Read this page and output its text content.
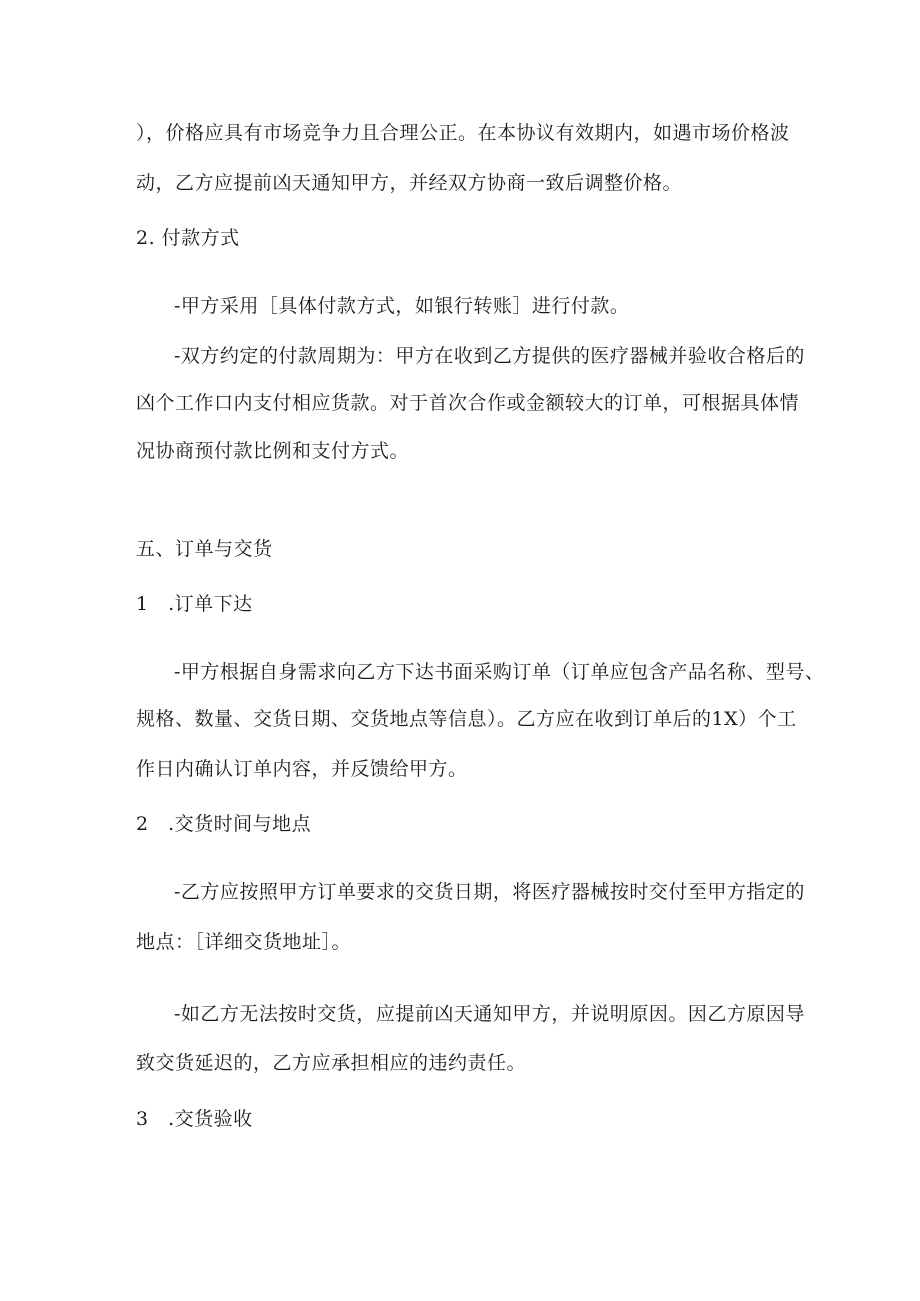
），价格应具有市场竞争力且合理公正。在本协议有效期内，如遇市场价格波
动，乙方应提前凶天通知甲方，并经双方协商一致后调整价格。
2. 付款方式
-甲方采用［具体付款方式，如银行转账］进行付款。
-双方约定的付款周期为：甲方在收到乙方提供的医疗器械并验收合格后的
凶个工作口内支付相应货款。对于首次合作或金额较大的订单，可根据具体情
况协商预付款比例和支付方式。
五、订单与交货
1　.订单下达
-甲方根据自身需求向乙方下达书面采购订单（订单应包含产品名称、型号、
规格、数量、交货日期、交货地点等信息）。乙方应在收到订单后的1X）个工
作日内确认订单内容，并反馈给甲方。
2　.交货时间与地点
-乙方应按照甲方订单要求的交货日期，将医疗器械按时交付至甲方指定的
地点：［详细交货地址］。
-如乙方无法按时交货，应提前凶天通知甲方，并说明原因。因乙方原因导
致交货延迟的，乙方应承担相应的违约责任。
3　.交货验收
